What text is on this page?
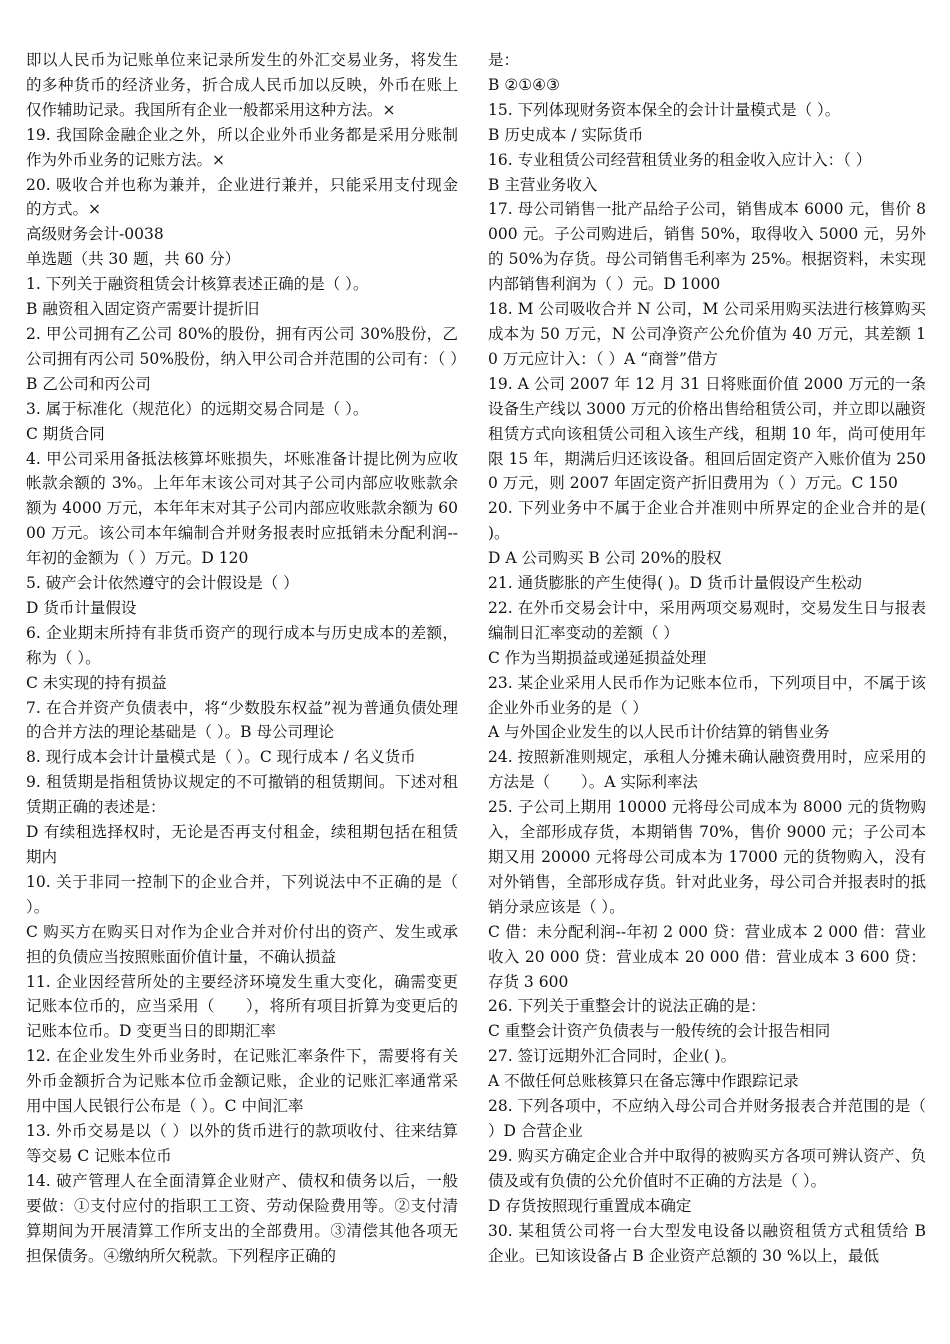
即以人民币为记账单位来记录所发生的外汇交易业务，将发生的多种货币的经济业务，折合成人民币加以反映，外币在账上仅作辅助记录。我国所有企业一般都采用这种方法。×

19. 我国除金融企业之外，所以企业外币业务都是采用分账制作为外币业务的记账方法。×

20. 吸收合并也称为兼并，企业进行兼并，只能采用支付现金的方式。×

高级财务会计-0038

单选题（共 30 题，共 60 分）

1. 下列关于融资租赁会计核算表述正确的是（ ）。

B 融资租入固定资产需要计提折旧

2. 甲公司拥有乙公司 80%的股份，拥有丙公司 30%股份，乙公司拥有丙公司 50%股份，纳入甲公司合并范围的公司有：（ ）B 乙公司和丙公司

3. 属于标准化（规范化）的远期交易合同是（ ）。

C 期货合同

4. 甲公司采用备抵法核算坏账损失，坏账准备计提比例为应收帐款余额的 3%。上年年末该公司对其子公司内部应收账款余额为 4000 万元，本年年末对其子公司内部应收账款余额为 6000 万元。该公司本年编制合并财务报表时应抵销未分配利润--年初的金额为（ ）万元。D 120

5. 破产会计依然遵守的会计假设是（ ）

D 货币计量假设

6. 企业期末所持有非货币资产的现行成本与历史成本的差额，称为（ ）。

C 未实现的持有损益

7. 在合并资产负债表中，将“少数股东权益”视为普通负债处理的合并方法的理论基础是（ ）。B 母公司理论

8. 现行成本会计计量模式是（ ）。C 现行成本 / 名义货币

9. 租赁期是指租赁协议规定的不可撤销的租赁期间。下述对租赁期正确的表述是：

D 有续租选择权时，无论是否再支付租金，续租期包括在租赁期内

10. 关于非同一控制下的企业合并，下列说法中不正确的是（ ）。

C 购买方在购买日对作为企业合并对价付出的资产、发生或承担的负债应当按照账面价值计量，不确认损益

11. 企业因经营所处的主要经济环境发生重大变化，确需变更记账本位币的，应当采用（　　），将所有项目折算为变更后的记账本位币。D 变更当日的即期汇率

12. 在企业发生外币业务时，在记账汇率条件下，需要将有关外币金额折合为记账本位币金额记账，企业的记账汇率通常采用中国人民银行公布是（ ）。C 中间汇率

13. 外币交易是以（ ）以外的货币进行的款项收付、往来结算等交易 C 记账本位币

14. 破产管理人在全面清算企业财产、债权和债务以后，一般要做：①支付应付的指职工工资、劳动保险费用等。②支付清算期间为开展清算工作所支出的全部费用。③清偿其他各项无担保债务。④缴纳所欠税款。下列程序正确的

是：

B ②①④③

15. 下列体现财务资本保全的会计计量模式是（ ）。

B 历史成本 / 实际货币

16. 专业租赁公司经营租赁业务的租金收入应计入：（ ）

B 主营业务收入

17. 母公司销售一批产品给子公司，销售成本 6000 元，售价 8000 元。子公司购进后，销售 50%，取得收入 5000 元，另外的 50%为存货。母公司销售毛利率为 25%。根据资料，未实现内部销售利润为（ ）元。D 1000

18. M 公司吸收合并 N 公司，M 公司采用购买法进行核算购买成本为 50 万元，N 公司净资产公允价值为 40 万元，其差额 10 万元应计入：（ ）A “商誉”借方

19. A 公司 2007 年 12 月 31 日将账面价值 2000 万元的一条设备生产线以 3000 万元的价格出售给租赁公司，并立即以融资租赁方式向该租赁公司租入该生产线，租期 10 年，尚可使用年限 15 年，期满后归还该设备。租回后固定资产入账价值为 2500 万元，则 2007 年固定资产折旧费用为（ ）万元。C 150

20. 下列业务中不属于企业合并准则中所界定的企业合并的是( )。

D A 公司购买 B 公司 20%的股权

21. 通货膨胀的产生使得( )。D 货币计量假设产生松动

22. 在外币交易会计中，采用两项交易观时，交易发生日与报表编制日汇率变动的差额（ ）

C 作为当期损益或递延损益处理

23. 某企业采用人民币作为记账本位币，下列项目中，不属于该企业外币业务的是（ ）

A 与外国企业发生的以人民币计价结算的销售业务

24. 按照新准则规定，承租人分摊未确认融资费用时，应采用的方法是（　　）。A 实际利率法

25. 子公司上期用 10000 元将母公司成本为 8000 元的货物购入，全部形成存货，本期销售 70%，售价 9000 元；子公司本期又用 20000 元将母公司成本为 17000 元的货物购入，没有对外销售，全部形成存货。针对此业务，母公司合并报表时的抵销分录应该是（ ）。

C 借：未分配利润--年初 2 000 贷：营业成本 2 000 借：营业收入 20 000 贷：营业成本 20 000 借：营业成本 3 600 贷：存货 3 600

26. 下列关于重整会计的说法正确的是：

C 重整会计资产负债表与一般传统的会计报告相同

27. 签订远期外汇合同时，企业( )。

A 不做任何总账核算只在备忘簿中作跟踪记录

28. 下列各项中，不应纳入母公司合并财务报表合并范围的是（ ）D 合营企业

29. 购买方确定企业合并中取得的被购买方各项可辨认资产、负债及或有负债的公允价值时不正确的方法是（ ）。

D 存货按照现行重置成本确定

30. 某租赁公司将一台大型发电设备以融资租赁方式租赁给 B 企业。已知该设备占 B 企业资产总额的 30 %以上，最低
